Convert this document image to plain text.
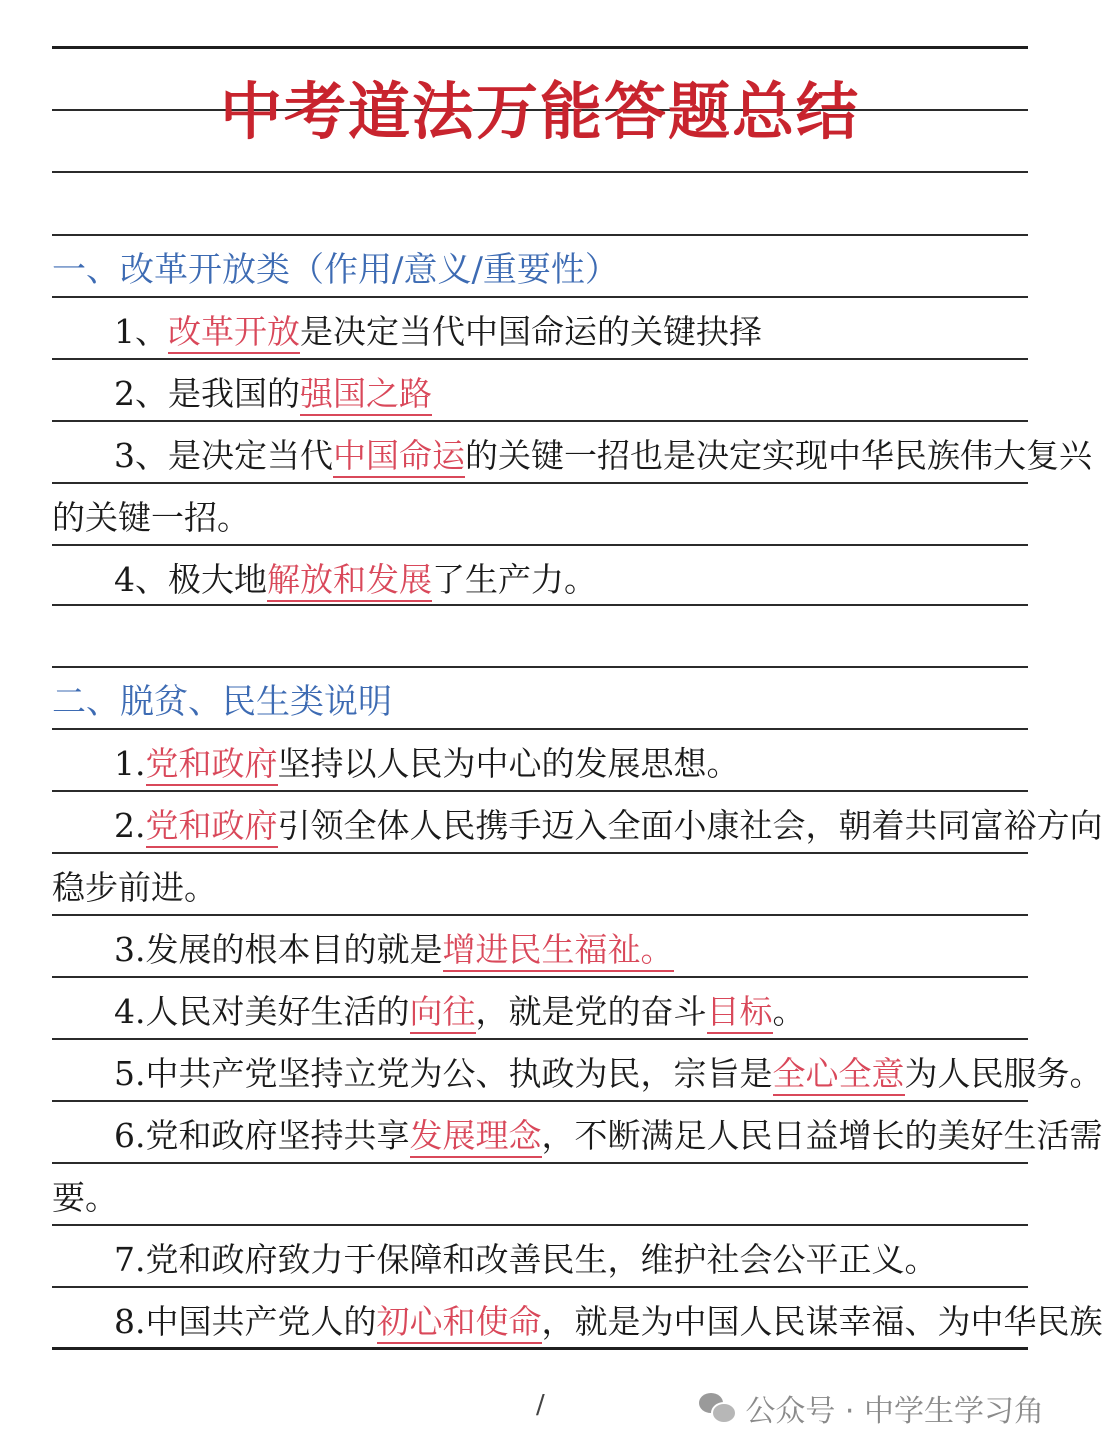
中考道法万能答题总结
一、改革开放类（作用/意义/重要性）
1、改革开放是决定当代中国命运的关键抉择
2、是我国的强国之路
3、是决定当代中国命运的关键一招也是决定实现中华民族伟大复兴
的关键一招。
4、极大地解放和发展了生产力。
二、脱贫、民生类说明
1.党和政府坚持以人民为中心的发展思想。
2.党和政府引领全体人民携手迈入全面小康社会，朝着共同富裕方向
稳步前进。
3.发展的根本目的就是增进民生福祉。
4.人民对美好生活的向往，就是党的奋斗目标。
5.中共产党坚持立党为公、执政为民，宗旨是全心全意为人民服务。
6.党和政府坚持共享发展理念，不断满足人民日益增长的美好生活需
要。
7.党和政府致力于保障和改善民生，维护社会公平正义。
8.中国共产党人的初心和使命，就是为中国人民谋幸福、为中华民族
/	公众号 · 中学生学习角
